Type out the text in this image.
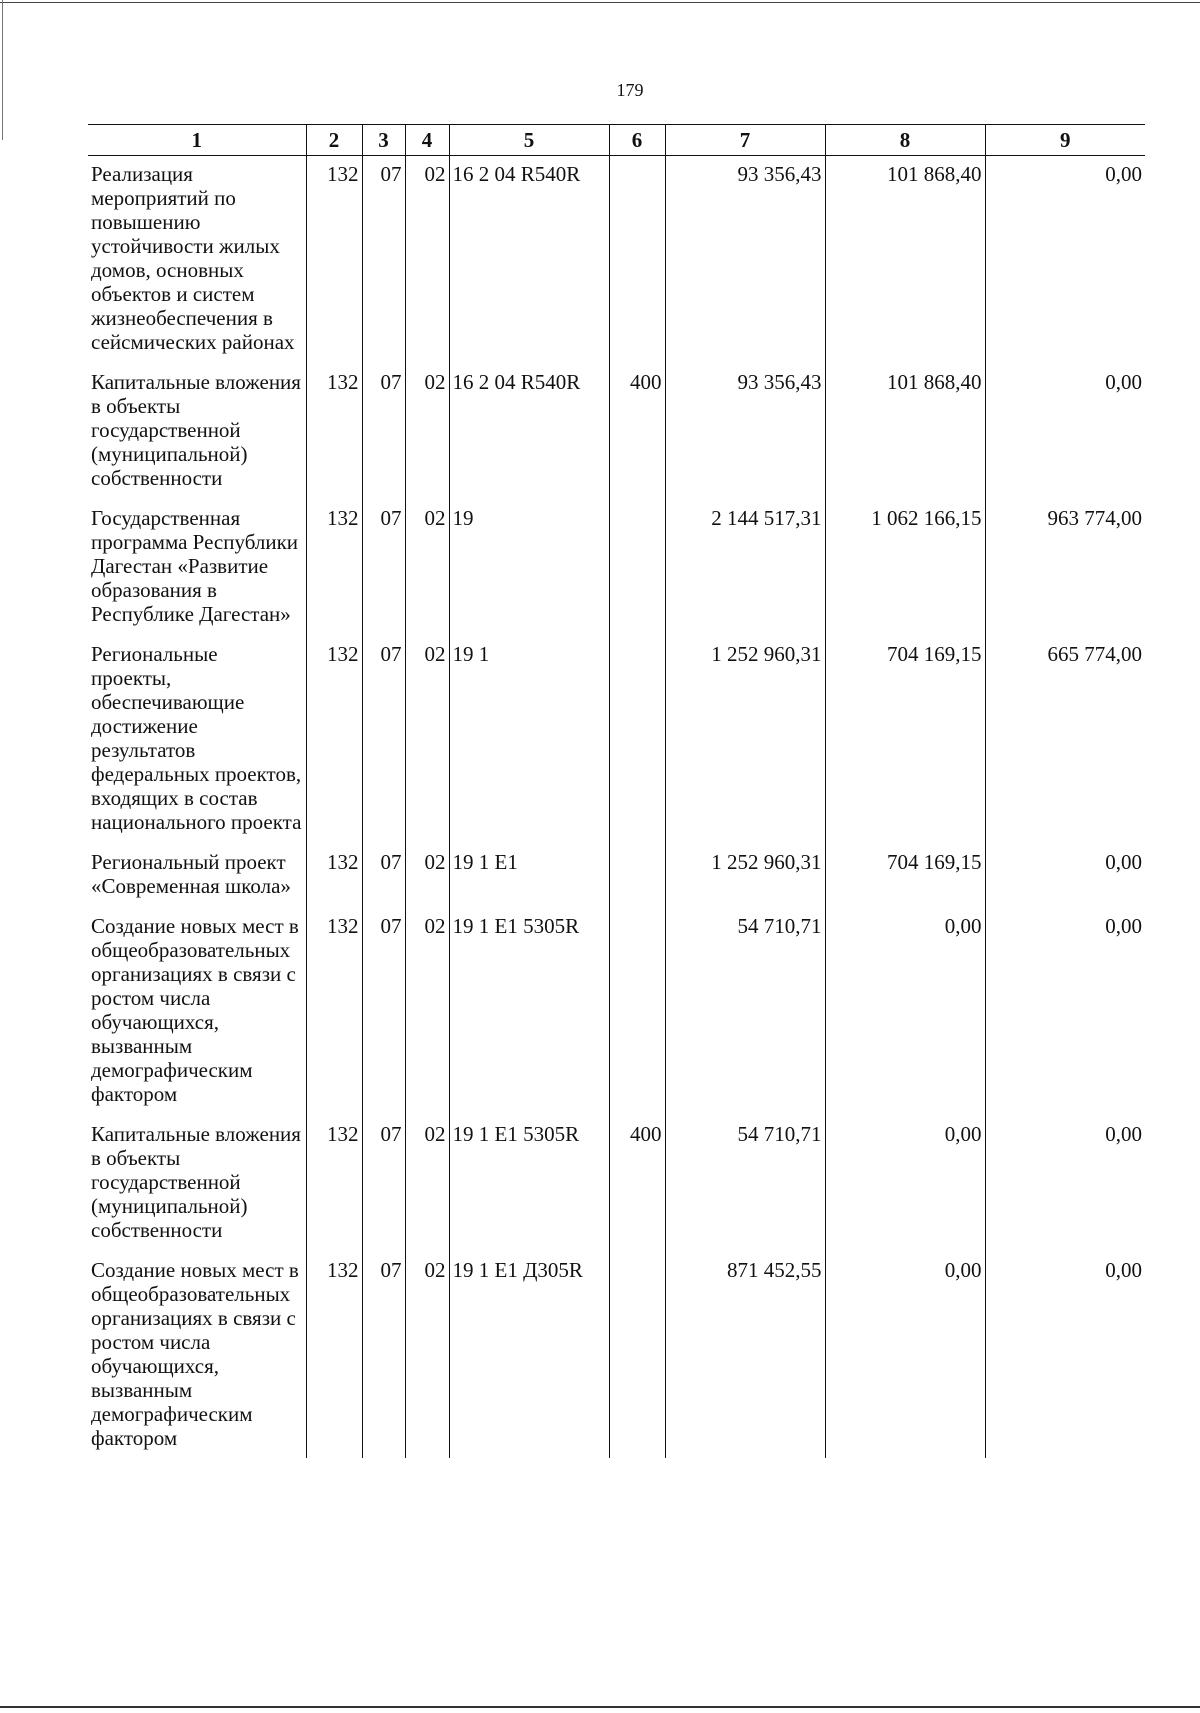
179
1	2	3	4	5	6	7	8	9
Реализация мероприятий по повышению устойчивости жилых домов, основных объектов и систем жизнеобеспечения в сейсмических районах	132	07	02	16 2 04 R540R		93 356,43	101 868,40	0,00
Капитальные вложения в объекты государственной (муниципальной) собственности	132	07	02	16 2 04 R540R	400	93 356,43	101 868,40	0,00
Государственная программа Республики Дагестан «Развитие образования в Республике Дагестан»	132	07	02	19		2 144 517,31	1 062 166,15	963 774,00
Региональные проекты, обеспечивающие достижение результатов федеральных проектов, входящих в состав национального проекта	132	07	02	19 1		1 252 960,31	704 169,15	665 774,00
Региональный проект «Современная школа»	132	07	02	19 1 E1		1 252 960,31	704 169,15	0,00
Создание новых мест в общеобразовательных организациях в связи с ростом числа обучающихся, вызванным демографическим фактором	132	07	02	19 1 E1 5305R		54 710,71	0,00	0,00
Капитальные вложения в объекты государственной (муниципальной) собственности	132	07	02	19 1 E1 5305R	400	54 710,71	0,00	0,00
Создание новых мест в общеобразовательных организациях в связи с ростом числа обучающихся, вызванным демографическим фактором	132	07	02	19 1 E1 Д305R		871 452,55	0,00	0,00
